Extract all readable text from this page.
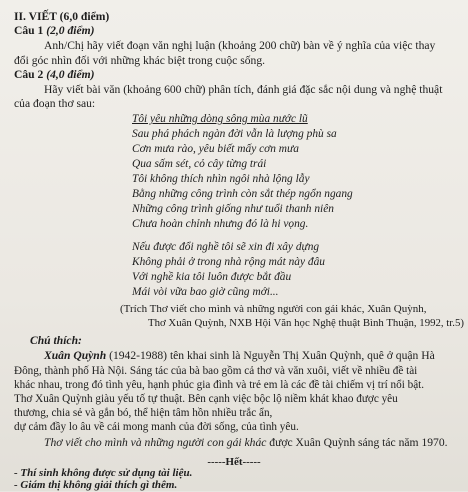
II. VIẾT (6,0 điểm)
Câu 1 (2,0 điểm)
Anh/Chị hãy viết đoạn văn nghị luận (khoảng 200 chữ) bàn về ý nghĩa của việc thay
đổi góc nhìn đối với những khác biệt trong cuộc sống.
Câu 2 (4,0 điểm)
Hãy viết bài văn (khoảng 600 chữ) phân tích, đánh giá đặc sắc nội dung và nghệ thuật
của đoạn thơ sau:
Tôi yêu những dòng sông mùa nước lũ
Sau phá phách ngàn đời vẫn là lượng phù sa
Cơn mưa rào, yêu biết mấy cơn mưa
Qua sấm sét, cỏ cây từng trái
Tôi không thích nhìn ngôi nhà lộng lẫy
Bằng những công trình còn sắt thép ngổn ngang
Những công trình giống như tuổi thanh niên
Chưa hoàn chỉnh nhưng đó là hi vọng.
Nếu được đổi nghề tôi sẽ xin đi xây dựng
Không phải ở trong nhà rộng mát này đâu
Với nghề kia tôi luôn được bắt đầu
Mái vòi vữa bao giờ cũng mới...
(Trích Thơ viết cho mình và những người con gái khác, Xuân Quỳnh,
Thơ Xuân Quỳnh, NXB Hội Văn học Nghệ thuật Bình Thuận, 1992, tr.5)
Chú thích:
Xuân Quỳnh (1942-1988) tên khai sinh là Nguyễn Thị Xuân Quỳnh, quê ở quận Hà
Đông, thành phố Hà Nội. Sáng tác của bà bao gồm cả thơ và văn xuôi, viết về nhiều đề tài
khác nhau, trong đó tình yêu, hạnh phúc gia đình và trẻ em là các đề tài chiếm vị trí nổi bật.
Thơ Xuân Quỳnh giàu yếu tố tự thuật. Bên cạnh việc bộc lộ niềm khát khao được yêu
thương, chia sẻ và gắn bó, thể hiện tâm hồn nhiều trắc ẩn,
dự cảm đầy lo âu về cái mong manh của đời sống, của tình yêu.
Thơ viết cho mình và những người con gái khác được Xuân Quỳnh sáng tác năm 1970.
-----Hết-----
- Thí sinh không được sử dụng tài liệu.
- Giám thị không giải thích gì thêm.
